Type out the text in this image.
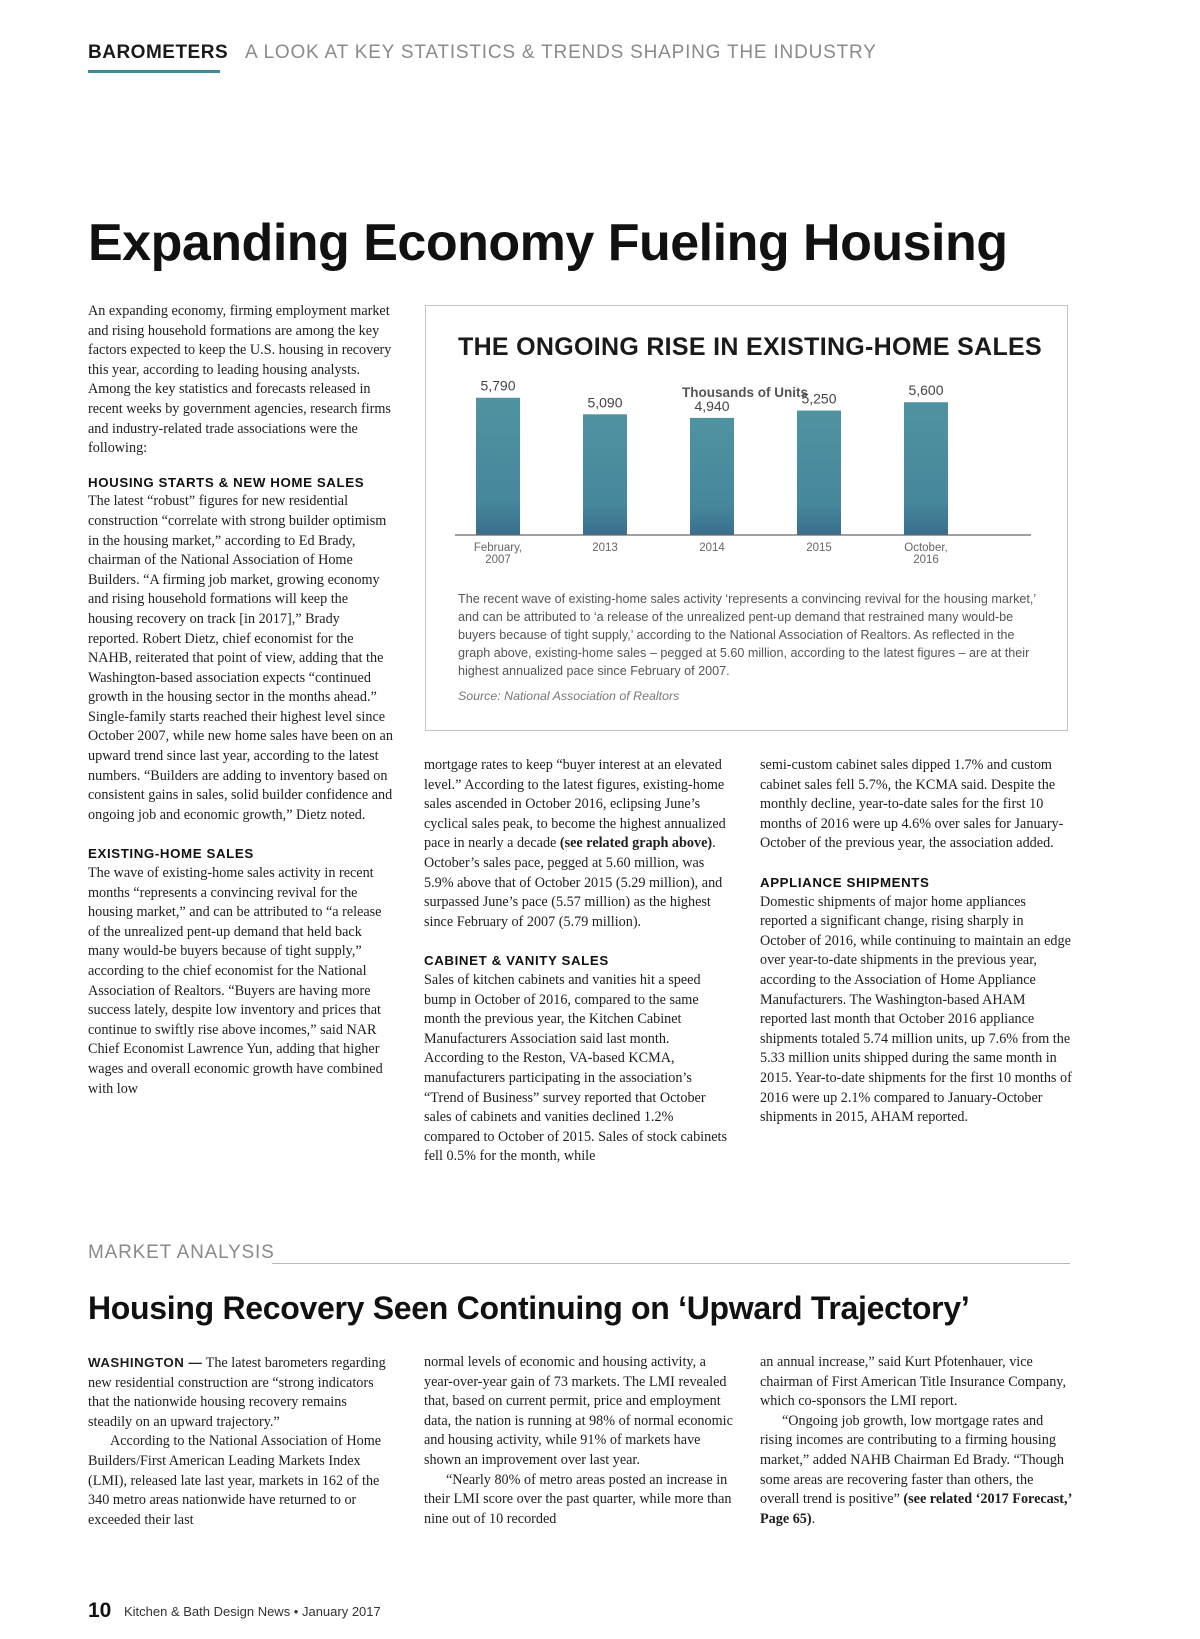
BAROMETERS A LOOK AT KEY STATISTICS & TRENDS SHAPING THE INDUSTRY
Expanding Economy Fueling Housing

An expanding economy, firming employment market and rising household formations are among the key factors expected to keep the U.S. housing in recovery this year, according to leading housing analysts. Among the key statistics and forecasts released in recent weeks by government agencies, research firms and industry-related trade associations were the following:

HOUSING STARTS & NEW HOME SALES

The latest “robust” figures for new residential construction “correlate with strong builder optimism in the housing market,” according to Ed Brady, chairman of the National Association of Home Builders. “A firming job market, growing economy and rising household formations will keep the housing recovery on track [in 2017],” Brady reported. Robert Dietz, chief economist for the NAHB, reiterated that point of view, adding that the Washington-based association expects “continued growth in the housing sector in the months ahead.” Single-family starts reached their highest level since October 2007, while new home sales have been on an upward trend since last year, according to the latest numbers. “Builders are adding to inventory based on consistent gains in sales, solid builder confidence and ongoing job and economic growth,” Dietz noted.

EXISTING-HOME SALES

The wave of existing-home sales activity in recent months “represents a convincing revival for the housing market,” and can be attributed to “a release of the unrealized pent-up demand that held back many would-be buyers because of tight supply,” according to the chief economist for the National Association of Realtors. “Buyers are having more success lately, despite low inventory and prices that continue to swiftly rise above incomes,” said NAR Chief Economist Lawrence Yun, adding that higher wages and overall economic growth have combined with low

THE ONGOING RISE IN EXISTING-HOME SALES
Thousands of Units
5,790
February,
2007
5,090
2013
4,940
2014
5,250
2015
5,600
October,
2016
The recent wave of existing-home sales activity ‘represents a convincing revival for the housing market,’ and can be attributed to ‘a release of the unrealized pent-up demand that restrained many would-be buyers because of tight supply,’ according to the National Association of Realtors. As reflected in the graph above, existing-home sales – pegged at 5.60 million, according to the latest figures – are at their highest annualized pace since February of 2007.
Source: National Association of Realtors

mortgage rates to keep “buyer interest at an elevated level.” According to the latest figures, existing-home sales ascended in October 2016, eclipsing June’s cyclical sales peak, to become the highest annualized pace in nearly a decade (see related graph above). October’s sales pace, pegged at 5.60 million, was 5.9% above that of October 2015 (5.29 million), and surpassed June’s pace (5.57 million) as the highest since February of 2007 (5.79 million).

CABINET & VANITY SALES

Sales of kitchen cabinets and vanities hit a speed bump in October of 2016, compared to the same month the previous year, the Kitchen Cabinet Manufacturers Association said last month. According to the Reston, VA-based KCMA, manufacturers participating in the association’s “Trend of Business” survey reported that October sales of cabinets and vanities declined 1.2% compared to October of 2015. Sales of stock cabinets fell 0.5% for the month, while

semi-custom cabinet sales dipped 1.7% and custom cabinet sales fell 5.7%, the KCMA said. Despite the monthly decline, year-to-date sales for the first 10 months of 2016 were up 4.6% over sales for January-October of the previous year, the association added.

APPLIANCE SHIPMENTS

Domestic shipments of major home appliances reported a significant change, rising sharply in October of 2016, while continuing to maintain an edge over year-to-date shipments in the previous year, according to the Association of Home Appliance Manufacturers. The Washington-based AHAM reported last month that October 2016 appliance shipments totaled 5.74 million units, up 7.6% from the 5.33 million units shipped during the same month in 2015. Year-to-date shipments for the first 10 months of 2016 were up 2.1% compared to January-October shipments in 2015, AHAM reported.

MARKET ANALYSIS
Housing Recovery Seen Continuing on ‘Upward Trajectory’

WASHINGTON — The latest barometers regarding new residential construction are “strong indicators that the nationwide housing recovery remains steadily on an upward trajectory.”

According to the National Association of Home Builders/First American Leading Markets Index (LMI), released late last year, markets in 162 of the 340 metro areas nationwide have returned to or exceeded their last

normal levels of economic and housing activity, a year-over-year gain of 73 markets. The LMI revealed that, based on current permit, price and employment data, the nation is running at 98% of normal economic and housing activity, while 91% of markets have shown an improvement over last year.

“Nearly 80% of metro areas posted an increase in their LMI score over the past quarter, while more than nine out of 10 recorded

an annual increase,” said Kurt Pfotenhauer, vice chairman of First American Title Insurance Company, which co-sponsors the LMI report.

“Ongoing job growth, low mortgage rates and rising incomes are contributing to a firming housing market,” added NAHB Chairman Ed Brady. “Though some areas are recovering faster than others, the overall trend is positive” (see related ‘2017 Forecast,’ Page 65).

10 Kitchen & Bath Design News • January 2017
